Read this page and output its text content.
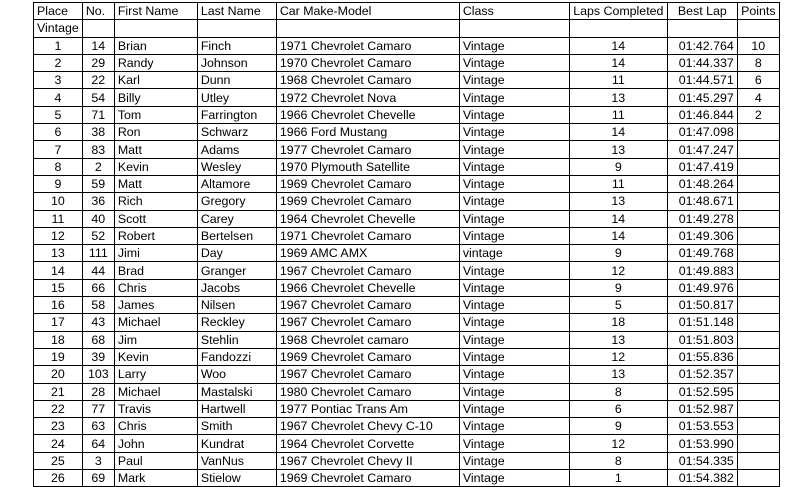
Place	No.	First Name	Last Name	Car Make-Model	Class	Laps Completed	Best Lap	Points
Vintage								
1	14	Brian	Finch	1971 Chevrolet Camaro	Vintage	14	01:42.764	10
2	29	Randy	Johnson	1970 Chevrolet Camaro	Vintage	14	01:44.337	8
3	22	Karl	Dunn	1968 Chevrolet Camaro	Vintage	11	01:44.571	6
4	54	Billy	Utley	1972 Chevrolet Nova	Vintage	13	01:45.297	4
5	71	Tom	Farrington	1966 Chevrolet Chevelle	Vintage	11	01:46.844	2
6	38	Ron	Schwarz	1966 Ford Mustang	Vintage	14	01:47.098	
7	83	Matt	Adams	1977 Chevrolet Camaro	Vintage	13	01:47.247	
8	2	Kevin	Wesley	1970 Plymouth Satellite	Vintage	9	01:47.419	
9	59	Matt	Altamore	1969 Chevrolet Camaro	Vintage	11	01:48.264	
10	36	Rich	Gregory	1969 Chevrolet Camaro	Vintage	13	01:48.671	
11	40	Scott	Carey	1964 Chevrolet Chevelle	Vintage	14	01:49.278	
12	52	Robert	Bertelsen	1971 Chevrolet Camaro	Vintage	14	01:49.306	
13	111	Jimi	Day	1969 AMC AMX	vintage	9	01:49.768	
14	44	Brad	Granger	1967 Chevrolet Camaro	Vintage	12	01:49.883	
15	66	Chris	Jacobs	1966 Chevrolet Chevelle	Vintage	9	01:49.976	
16	58	James	Nilsen	1967 Chevrolet Camaro	Vintage	5	01:50.817	
17	43	Michael	Reckley	1967 Chevrolet Camaro	Vintage	18	01:51.148	
18	68	Jim	Stehlin	1968 Chevrolet camaro	Vintage	13	01:51.803	
19	39	Kevin	Fandozzi	1969 Chevrolet Camaro	Vintage	12	01:55.836	
20	103	Larry	Woo	1967 Chevrolet Camaro	Vintage	13	01:52.357	
21	28	Michael	Mastalski	1980 Chevrolet Camaro	Vintage	8	01:52.595	
22	77	Travis	Hartwell	1977 Pontiac Trans Am	Vintage	6	01:52.987	
23	63	Chris	Smith	1967 Chevrolet Chevy C-10	Vintage	9	01:53.553	
24	64	John	Kundrat	1964 Chevrolet Corvette	Vintage	12	01:53.990	
25	3	Paul	VanNus	1967 Chevrolet Chevy II	Vintage	8	01:54.335	
26	69	Mark	Stielow	1969 Chevrolet Camaro	Vintage	1	01:54.382	
